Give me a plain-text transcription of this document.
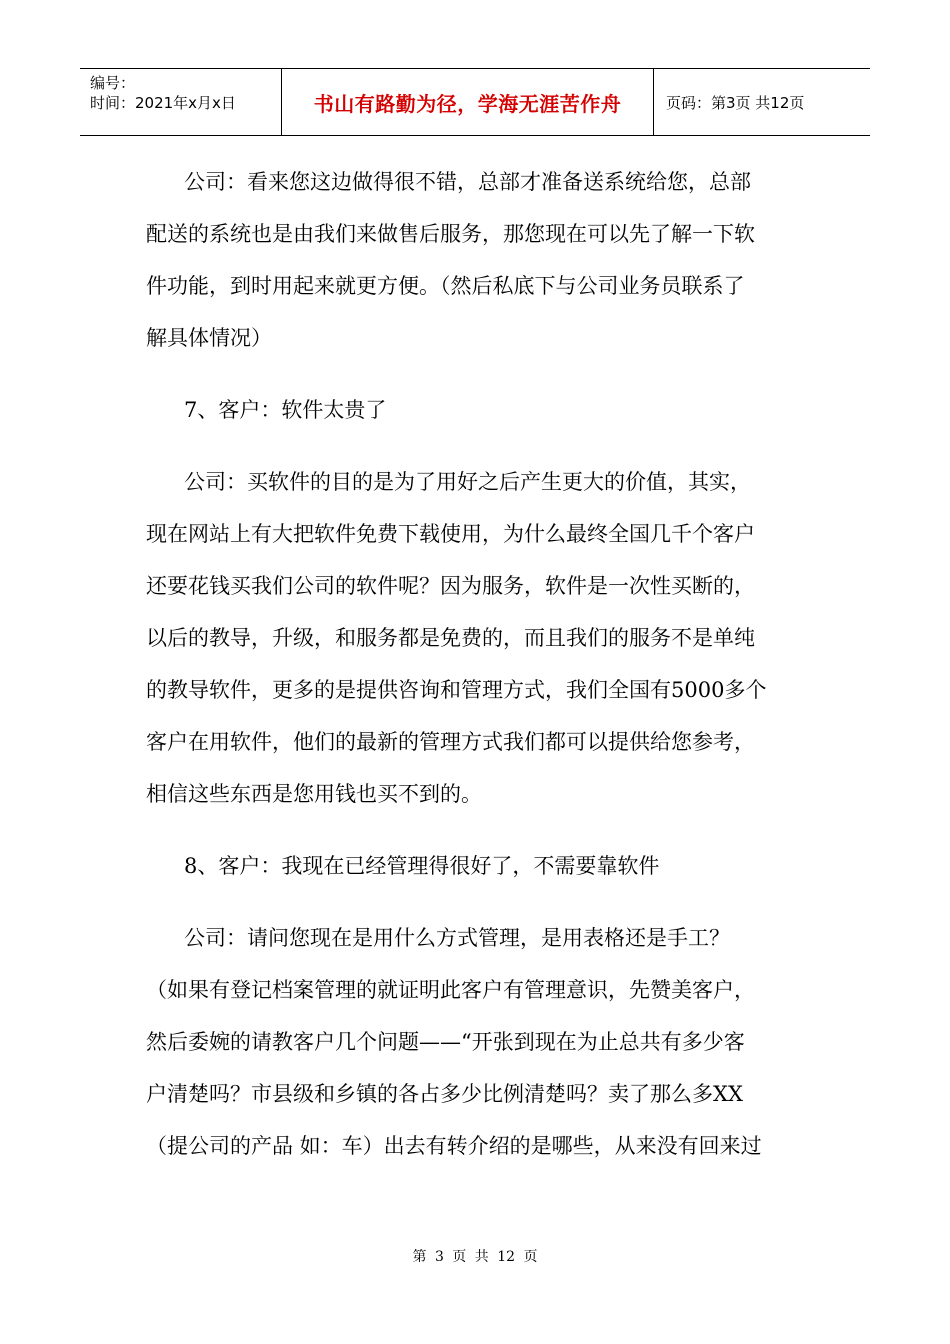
编号：
时间：2021年x月x日	书山有路勤为径，学海无涯苦作舟	页码：第3页 共12页

公司：看来您这边做得很不错，总部才准备送系统给您，总部
配送的系统也是由我们来做售后服务，那您现在可以先了解一下软
件功能，到时用起来就更方便。（然后私底下与公司业务员联系了
解具体情况）

7、客户：软件太贵了

公司：买软件的目的是为了用好之后产生更大的价值，其实，
现在网站上有大把软件免费下载使用，为什么最终全国几千个客户
还要花钱买我们公司的软件呢？因为服务，软件是一次性买断的，
以后的教导，升级，和服务都是免费的，而且我们的服务不是单纯
的教导软件，更多的是提供咨询和管理方式，我们全国有5000多个
客户在用软件，他们的最新的管理方式我们都可以提供给您参考，
相信这些东西是您用钱也买不到的。

8、客户：我现在已经管理得很好了，不需要靠软件

公司：请问您现在是用什么方式管理，是用表格还是手工？
（如果有登记档案管理的就证明此客户有管理意识，先赞美客户，
然后委婉的请教客户几个问题——“开张到现在为止总共有多少客
户清楚吗？市县级和乡镇的各占多少比例清楚吗？卖了那么多XX
（提公司的产品 如：车）出去有转介绍的是哪些，从来没有回来过

第 3 页 共 12 页
